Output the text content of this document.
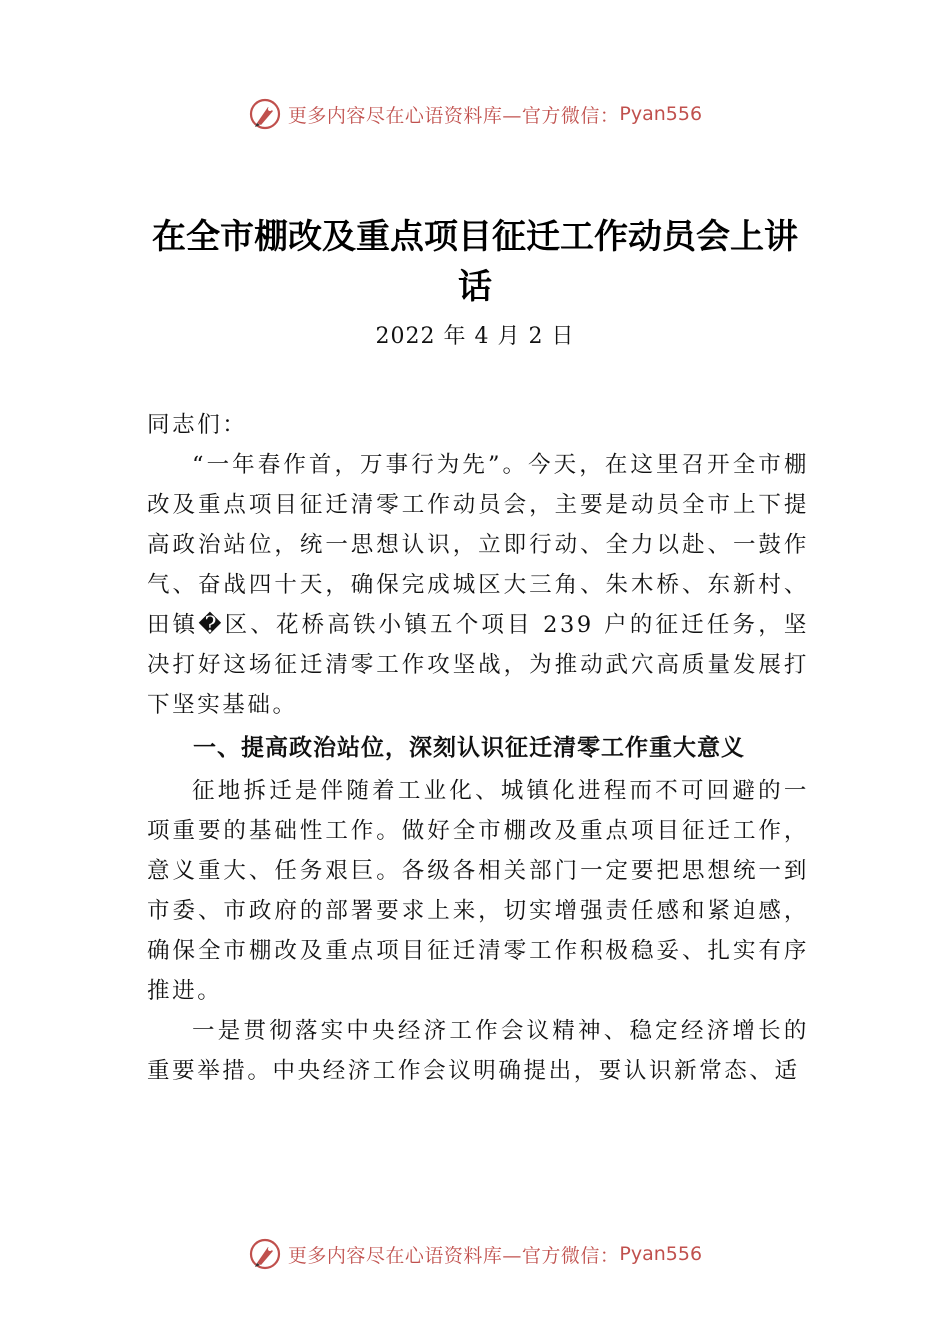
更多内容尽在心语资料库—官方微信： Pyan556
在全市棚改及重点项目征迁工作动员会上讲话
2022 年 4 月 2 日

同志们：

“一年春作首，万事行为先”。今天，在这里召开全市棚改及重点项目征迁清零工作动员会，主要是动员全市上下提高政治站位，统一思想认识，立即行动、全力以赴、一鼓作气、奋战四十天，确保完成城区大三角、朱木桥、东新村、田镇�区、花桥高铁小镇五个项目 239 户的征迁任务，坚决打好这场征迁清零工作攻坚战，为推动武穴高质量发展打下坚实基础。

一、提高政治站位，深刻认识征迁清零工作重大意义

征地拆迁是伴随着工业化、城镇化进程而不可回避的一项重要的基础性工作。做好全市棚改及重点项目征迁工作，意义重大、任务艰巨。各级各相关部门一定要把思想统一到市委、市政府的部署要求上来，切实增强责任感和紧迫感，确保全市棚改及重点项目征迁清零工作积极稳妥、扎实有序推进。

一是贯彻落实中央经济工作会议精神、稳定经济增长的重要举措。中央经济工作会议明确提出，要认识新常态、适

更多内容尽在心语资料库—官方微信： Pyan556
